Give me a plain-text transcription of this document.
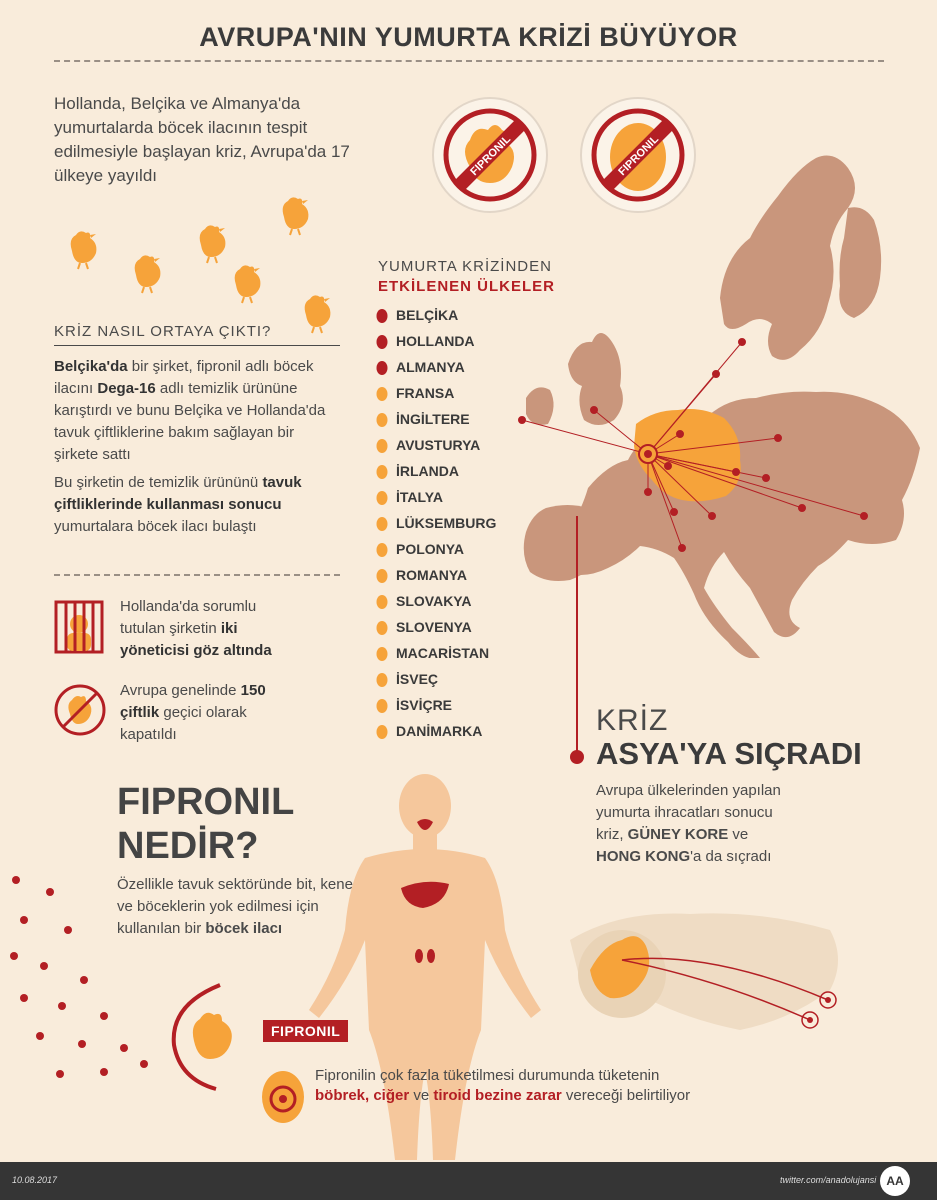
AVRUPA'NIN YUMURTA KRİZİ BÜYÜYOR
Hollanda, Belçika ve Almanya'da yumurtalarda böcek ilacının tespit edilmesiyle başlayan kriz, Avrupa'da 17 ülkeye yayıldı	FIPRONIL	FIPRONIL
KRİZ NASIL ORTAYA ÇIKTI?
Belçika'da bir şirket, fipronil adlı böcek ilacını Dega-16 adlı temizlik ürününe karıştırdı ve bunu Belçika ve Hollanda'da tavuk çiftliklerine bakım sağlayan bir şirkete sattı
Bu şirketin de temizlik ürününü tavuk çiftliklerinde kullanması sonucu yumurtalara böcek ilacı bulaştı
Hollanda'da sorumlu tutulan şirketin iki yöneticisi göz altında
Avrupa genelinde 150 çiftlik geçici olarak kapatıldı
YUMURTA KRİZİNDEN
ETKİLENEN ÜLKELER
BELÇİKA
HOLLANDA
ALMANYA
FRANSA
İNGİLTERE
AVUSTURYA
İRLANDA
İTALYA
LÜKSEMBURG
POLONYA
ROMANYA
SLOVAKYA
SLOVENYA
MACARİSTAN
İSVEÇ
İSVİÇRE
DANİMARKA	KRİZ
ASYA'YA SIÇRADI
Avrupa ülkelerinden yapılan yumurta ihracatları sonucu kriz, GÜNEY KORE ve HONG KONG'a da sıçradı
FIPRONIL
NEDİR?
Özellikle tavuk sektöründe bit, kene ve böceklerin yok edilmesi için kullanılan bir böcek ilacı
FIPRONIL
Fipronilin çok fazla tüketilmesi durumunda tüketenin böbrek, ciğer ve tiroid bezine zarar vereceği belirtiliyor
10.08.2017	twitter.com/anadolujansi AA
